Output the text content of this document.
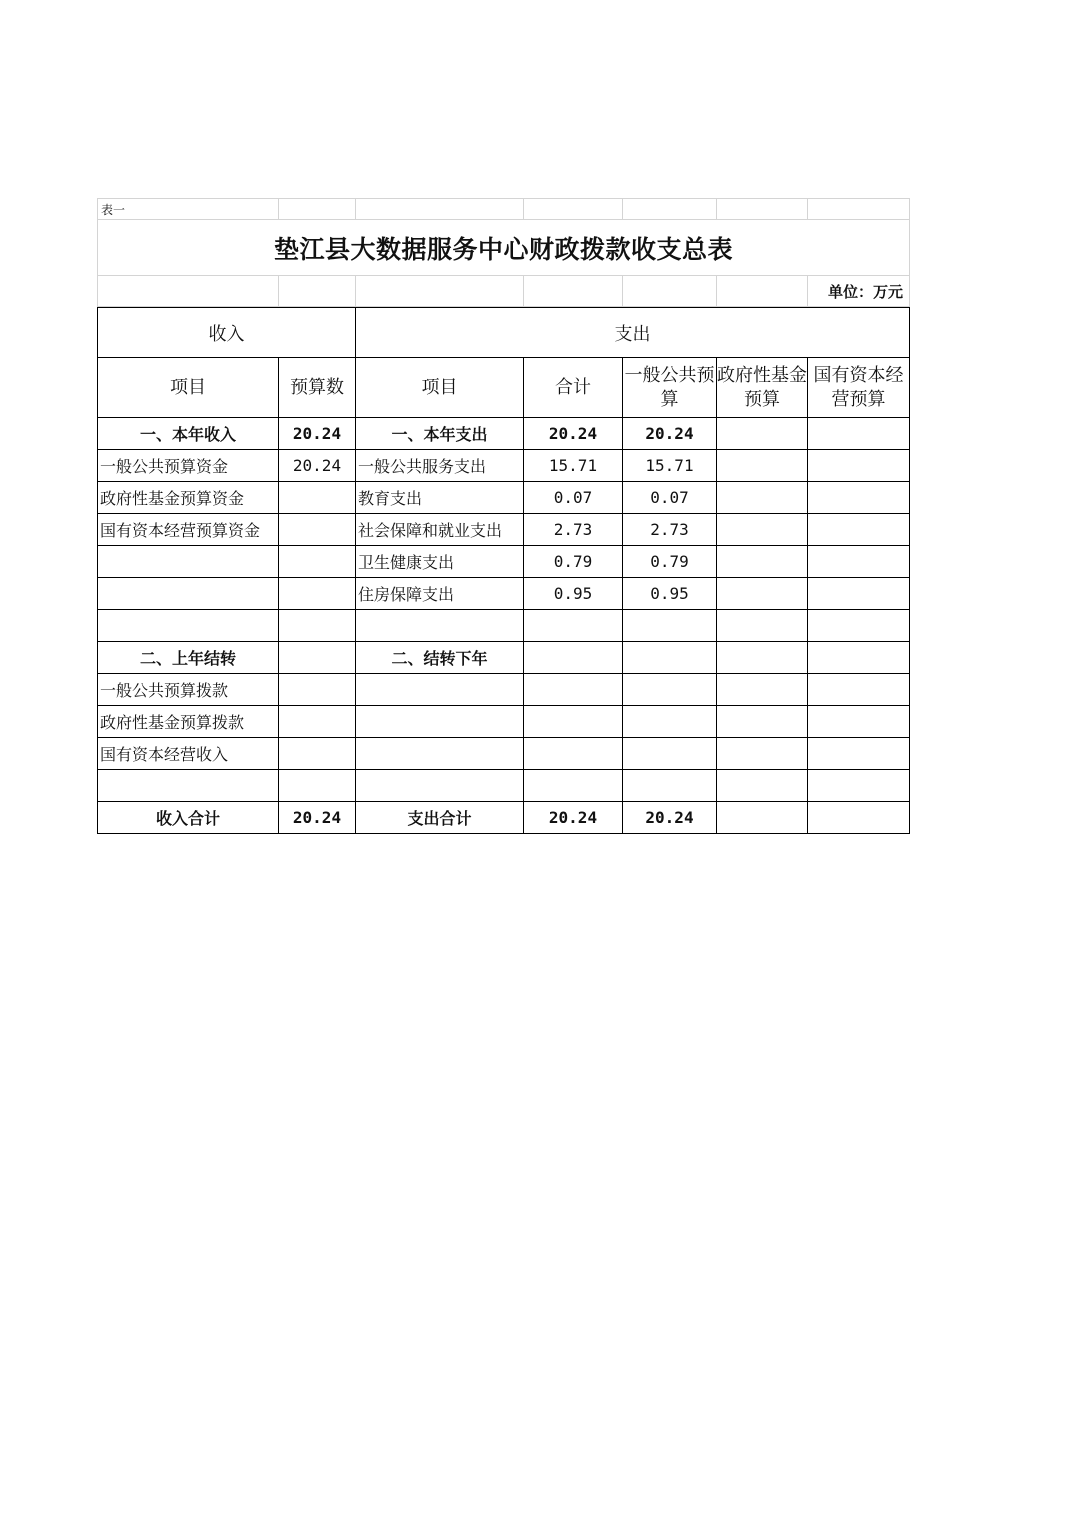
表一						
垫江县大数据服务中心财政拨款收支总表						
						单位：万元
收入		支出				
项目	预算数	项目	合计	一般公共预算	政府性基金预算	国有资本经营预算
一、本年收入	20.24	一、本年支出	20.24	20.24		
一般公共预算资金	20.24	一般公共服务支出	15.71	15.71		
政府性基金预算资金		教育支出	0.07	0.07		
国有资本经营预算资金		社会保障和就业支出	2.73	2.73		
		卫生健康支出	0.79	0.79		
		住房保障支出	0.95	0.95		

二、上年结转		二、结转下年				
一般公共预算拨款						
政府性基金预算拨款						
国有资本经营收入						

收入合计	20.24	支出合计	20.24	20.24		
